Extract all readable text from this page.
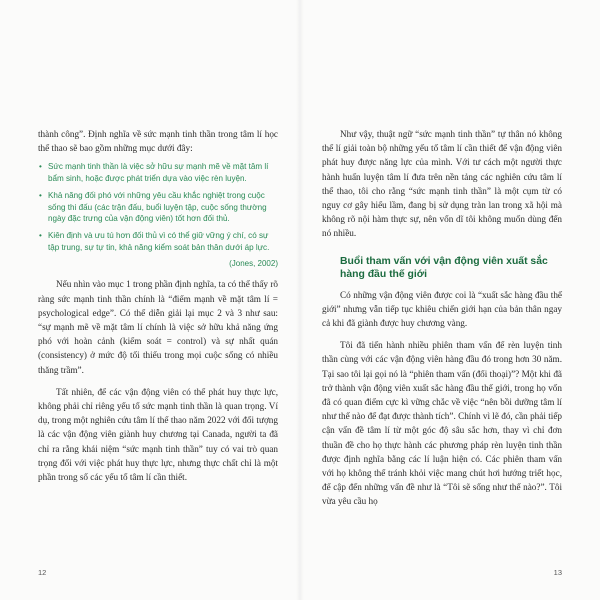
thành công”. Định nghĩa về sức mạnh tinh thần trong tâm lí học thể thao sẽ bao gồm những mục dưới đây:

• Sức mạnh tinh thần là việc sở hữu sự mạnh mẽ về mặt tâm lí bẩm sinh, hoặc được phát triển dựa vào việc rèn luyện.
• Khả năng đối phó với những yêu cầu khắc nghiệt trong cuộc sống thi đấu (các trận đấu, buổi luyện tập, cuộc sống thường ngày đặc trưng của vận động viên) tốt hơn đối thủ.
• Kiên định và ưu tú hơn đối thủ vì có thể giữ vững ý chí, có sự tập trung, sự tự tin, khả năng kiểm soát bản thân dưới áp lực.
(Jones, 2002)

Nếu nhìn vào mục 1 trong phần định nghĩa, ta có thể thấy rõ ràng sức mạnh tinh thần chính là “điểm mạnh về mặt tâm lí = psychological edge”. Có thể diễn giải lại mục 2 và 3 như sau: “sự mạnh mẽ về mặt tâm lí chính là việc sở hữu khả năng ứng phó với hoàn cảnh (kiểm soát = control) và sự nhất quán (consistency) ở mức độ tối thiểu trong mọi cuộc sống có nhiều thăng trầm”.

Tất nhiên, để các vận động viên có thể phát huy thực lực, không phải chỉ riêng yếu tố sức mạnh tinh thần là quan trọng. Ví dụ, trong một nghiên cứu tâm lí thể thao năm 2022 với đối tượng là các vận động viên giành huy chương tại Canada, người ta đã chỉ ra rằng khái niệm “sức mạnh tinh thần” tuy có vai trò quan trọng đối với việc phát huy thực lực, nhưng thực chất chỉ là một phần trong số các yếu tố tâm lí cần thiết.

12

Như vậy, thuật ngữ “sức mạnh tinh thần” tự thân nó không thể lí giải toàn bộ những yếu tố tâm lí cần thiết để vận động viên phát huy được năng lực của mình. Với tư cách một người thực hành huấn luyện tâm lí đưa trên nền tảng các nghiên cứu tâm lí thể thao, tôi cho rằng “sức mạnh tinh thần” là một cụm từ có nguy cơ gây hiểu lầm, đang bị sử dụng tràn lan trong xã hội mà không rõ nội hàm thực sự, nên vốn dĩ tôi không muốn dùng đến nó nhiều.

Buổi tham vấn với vận động viên xuất sắc hàng đầu thế giới

Có những vận động viên được coi là “xuất sắc hàng đầu thế giới” nhưng vẫn tiếp tục khiêu chiến giới hạn của bản thân ngay cả khi đã giành được huy chương vàng.

Tôi đã tiến hành nhiều phiên tham vấn để rèn luyện tinh thần cùng với các vận động viên hàng đầu đó trong hơn 30 năm. Tại sao tôi lại gọi nó là “phiên tham vấn (đối thoại)”? Một khi đã trở thành vận động viên xuất sắc hàng đầu thế giới, trong họ vốn đã có quan điểm cực kì vững chắc về việc “nên bồi dưỡng tâm lí như thế nào để đạt được thành tích”. Chính vì lẽ đó, cần phải tiếp cận vấn đề tâm lí từ một góc độ sâu sắc hơn, thay vì chỉ đơn thuần đề cho họ thực hành các phương pháp rèn luyện tinh thần được định nghĩa bằng các lí luận hiện có. Các phiên tham vấn với họ không thể tránh khỏi việc mang chút hơi hướng triết học, để cập đến những vấn đề như là “Tôi sẽ sống như thế nào?”. Tôi vừa yêu cầu họ

13
